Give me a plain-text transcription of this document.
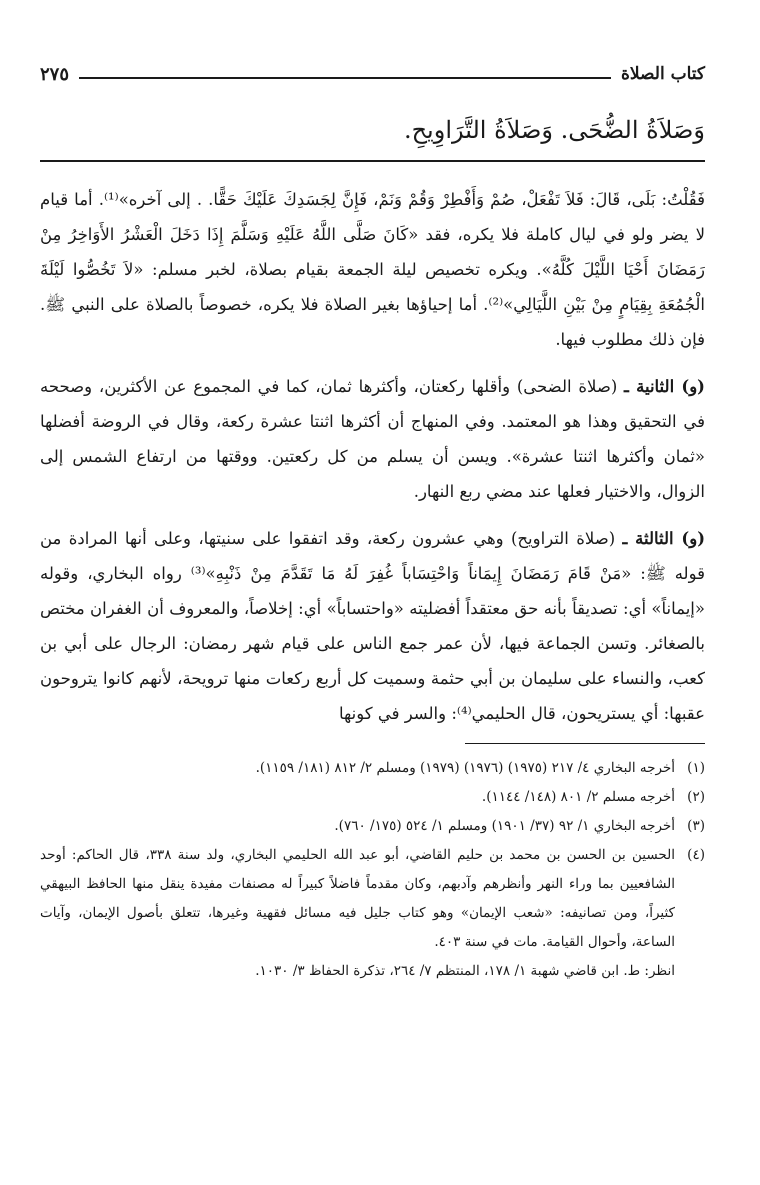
كتاب الصلاة
٢٧٥
وَصَلاَةُ الضُّحَى. وَصَلاَةُ التَّرَاوِيحِ.

فَقُلْتُ: بَلَى، قَالَ: فَلاَ تَفْعَلْ، صُمْ وَأَفْطِرْ وَقُمْ وَنَمْ، فَإِنَّ لِجَسَدِكَ عَلَيْكَ حَقًّا. . إلى آخره»⁽¹⁾. أما قيام لا يضر ولو في ليال كاملة فلا يكره، فقد «كَانَ صَلَّى اللَّهُ عَلَيْهِ وَسَلَّمَ إِذَا دَخَلَ الْعَشْرُ الأَوَاخِرُ مِنْ رَمَضَانَ أَحْيَا اللَّيْلَ كُلَّهُ». ويكره تخصيص ليلة الجمعة بقيام بصلاة، لخبر مسلم: «لاَ تَخُصُّوا لَيْلَةَ الْجُمُعَةِ بِقِيَامٍ مِنْ بَيْنِ اللَّيَالِي»⁽²⁾. أما إحياؤها بغير الصلاة فلا يكره، خصوصاً بالصلاة على النبي ﷺ. فإن ذلك مطلوب فيها.

(و) الثانية ـ (صلاة الضحى) وأقلها ركعتان، وأكثرها ثمان، كما في المجموع عن الأكثرين، وصححه في التحقيق وهذا هو المعتمد. وفي المنهاج أن أكثرها اثنتا عشرة ركعة، وقال في الروضة أفضلها «ثمان وأكثرها اثنتا عشرة». ويسن أن يسلم من كل ركعتين. ووقتها من ارتفاع الشمس إلى الزوال، والاختيار فعلها عند مضي ربع النهار.

(و) الثالثة ـ (صلاة التراويح) وهي عشرون ركعة، وقد اتفقوا على سنيتها، وعلى أنها المرادة من قوله ﷺ: «مَنْ قَامَ رَمَضَانَ إِيمَاناً وَاحْتِسَاباً غُفِرَ لَهُ مَا تَقَدَّمَ مِنْ ذَنْبِهِ»⁽³⁾ رواه البخاري، وقوله «إيماناً» أي: تصديقاً بأنه حق معتقداً أفضليته «واحتساباً» أي: إخلاصاً، والمعروف أن الغفران مختص بالصغائر. وتسن الجماعة فيها، لأن عمر جمع الناس على قيام شهر رمضان: الرجال على أبي بن كعب، والنساء على سليمان بن أبي حثمة وسميت كل أربع ركعات منها ترويحة، لأنهم كانوا يتروحون عقبها: أي يستريحون، قال الحليمي⁽⁴⁾: والسر في كونها

(١)
أخرجه البخاري ٤/ ٢١٧ (١٩٧٥) (١٩٧٦) (١٩٧٩) ومسلم ٢/ ٨١٢ (١٨١/ ١١٥٩).
(٢)
أخرجه مسلم ٢/ ٨٠١ (١٤٨/ ١١٤٤).
(٣)
أخرجه البخاري ١/ ٩٢ (٣٧/ ١٩٠١) ومسلم ١/ ٥٢٤ (١٧٥/ ٧٦٠).
(٤)
الحسين بن الحسن بن محمد بن حليم القاضي، أبو عبد الله الحليمي البخاري، ولد سنة ٣٣٨، قال الحاكم: أوحد الشافعيين بما وراء النهر وأنظرهم وآدبهم، وكان مقدماً فاضلاً كبيراً له مصنفات مفيدة ينقل منها الحافظ البيهقي كثيراً، ومن تصانيفه: «شعب الإيمان» وهو كتاب جليل فيه مسائل فقهية وغيرها، تتعلق بأصول الإيمان، وآيات الساعة، وأحوال القيامة. مات في سنة ٤٠٣.
انظر: ط. ابن قاضي شهبة ١/ ١٧٨، المنتظم ٧/ ٢٦٤، تذكرة الحفاظ ٣/ ١٠٣٠.
